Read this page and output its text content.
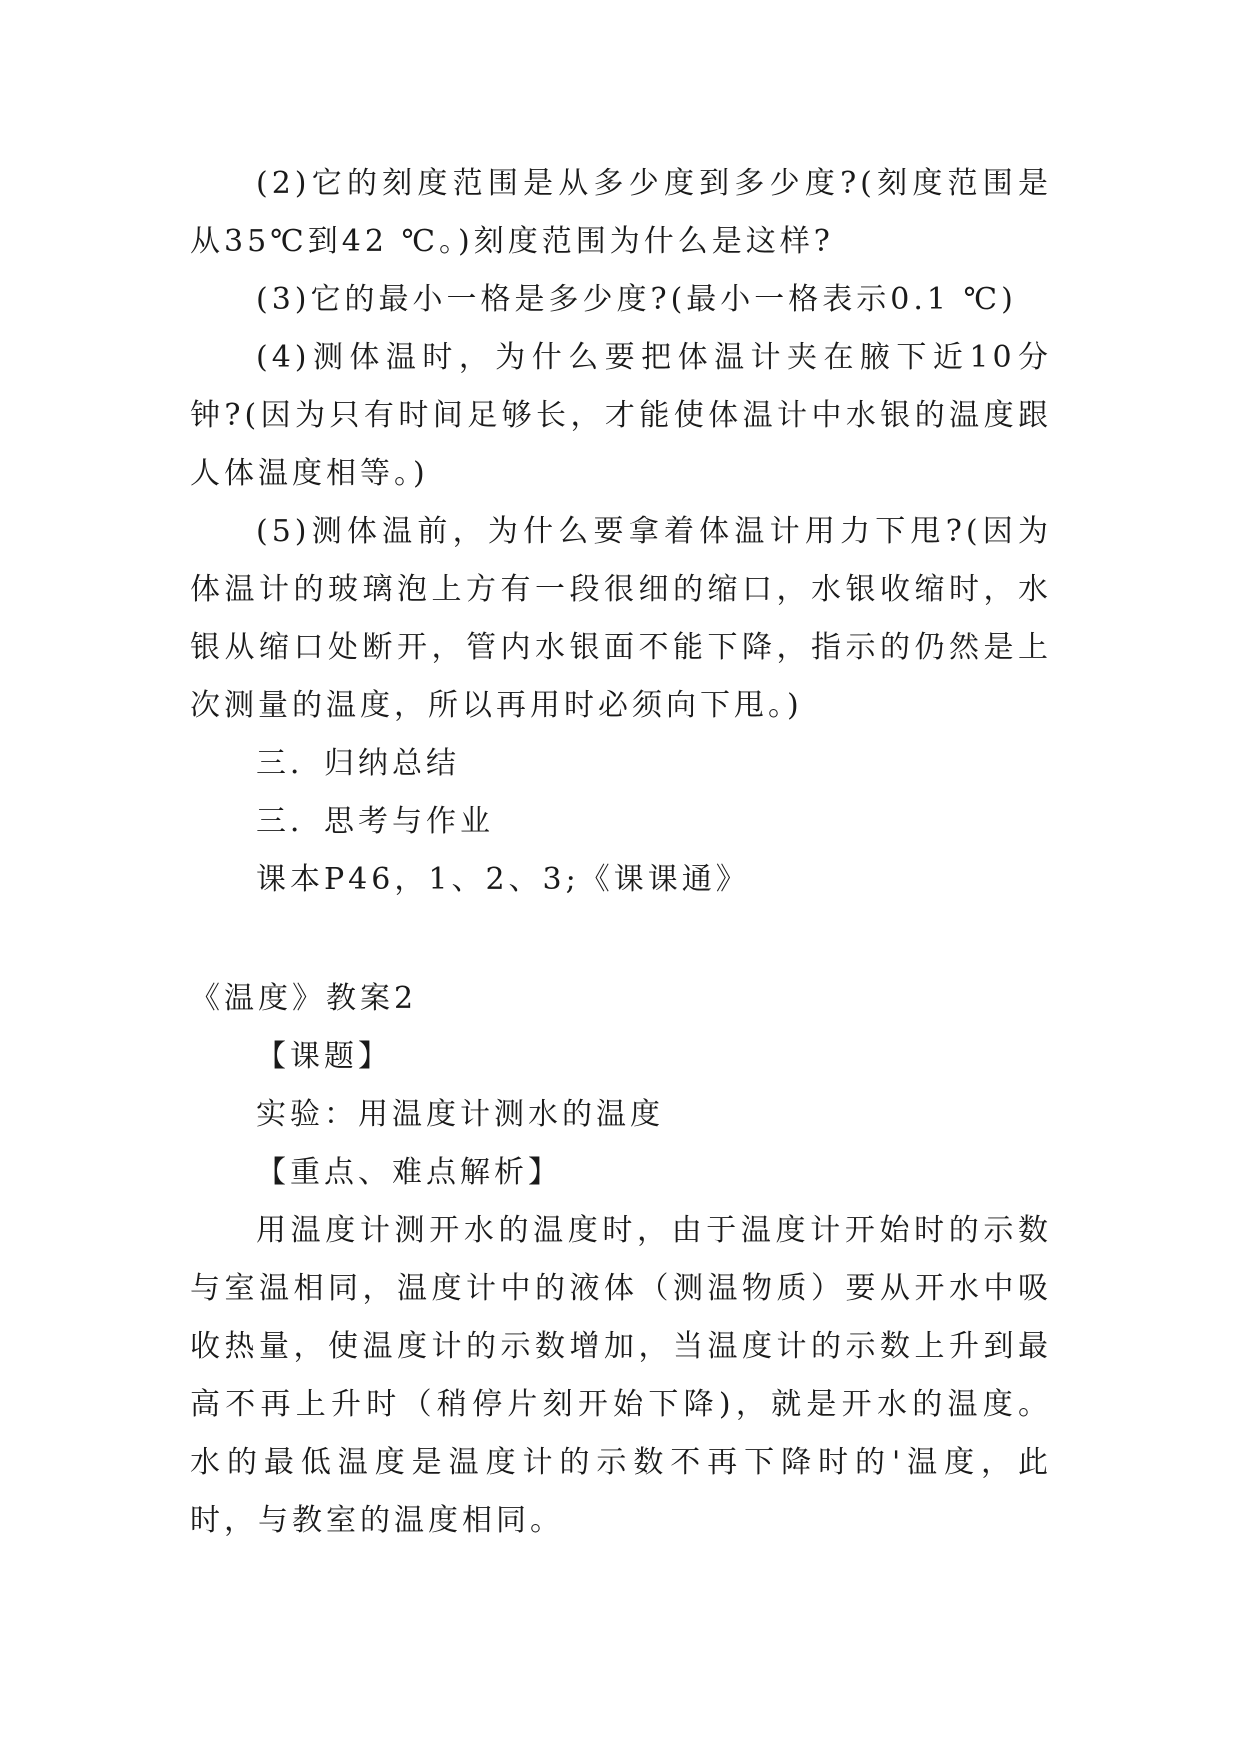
(2)它的刻度范围是从多少度到多少度?(刻度范围是从35℃到42 ℃。)刻度范围为什么是这样?

(3)它的最小一格是多少度?(最小一格表示0.1 ℃)

(4)测体温时，为什么要把体温计夹在腋下近10分钟?(因为只有时间足够长，才能使体温计中水银的温度跟人体温度相等。)

(5)测体温前，为什么要拿着体温计用力下甩?(因为体温计的玻璃泡上方有一段很细的缩口，水银收缩时，水银从缩口处断开，管内水银面不能下降，指示的仍然是上次测量的温度，所以再用时必须向下甩。)

三．归纳总结

三．思考与作业

课本P46，1、2、3;《课课通》

《温度》教案2

【课题】

实验：用温度计测水的温度

【重点、难点解析】

用温度计测开水的温度时，由于温度计开始时的示数与室温相同，温度计中的液体（测温物质）要从开水中吸收热量，使温度计的示数增加，当温度计的示数上升到最高不再上升时（稍停片刻开始下降)，就是开水的温度。水的最低温度是温度计的示数不再下降时的'温度，此时，与教室的温度相同。
